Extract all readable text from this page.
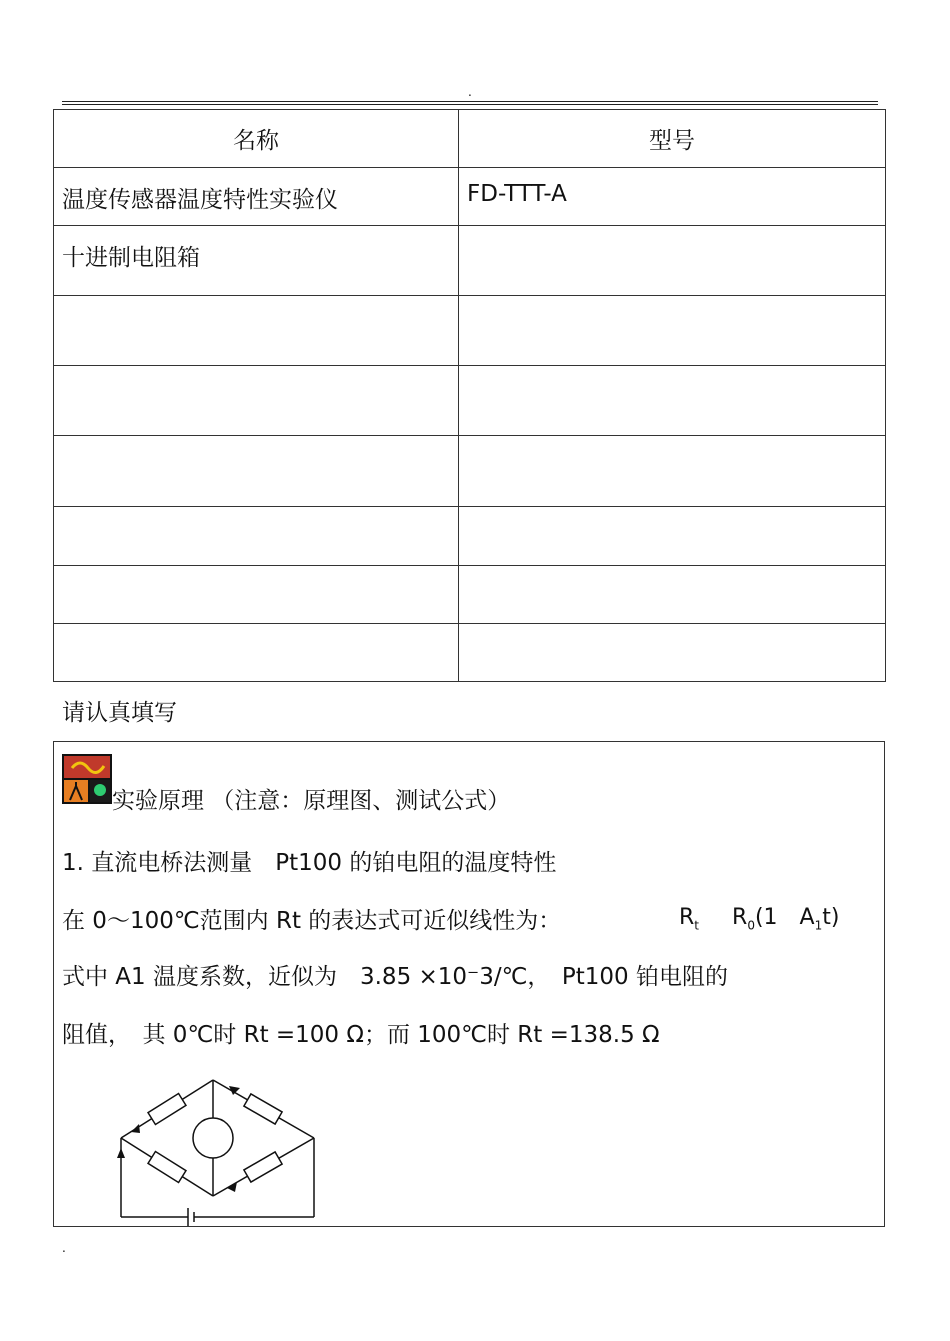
.
名称	型号

温度传感器温度特性实验仪	FD-TTT-A

十进制电阻箱	

请认真填写
实验原理 （注意：原理图、测试公式）
1. 直流电桥法测量　Pt100 的铂电阻的温度特性
在 0～100℃范围内 Rt 的表达式可近似线性为：	$R_t$ $R_0(1$　$A_1t$)
式中 A1 温度系数，近似为　3.85 ×10⁻3/℃，　Pt100 铂电阻的
阻值，　其 0℃时 Rt =100 Ω；而 100℃时 Rt =138.5 Ω
.
